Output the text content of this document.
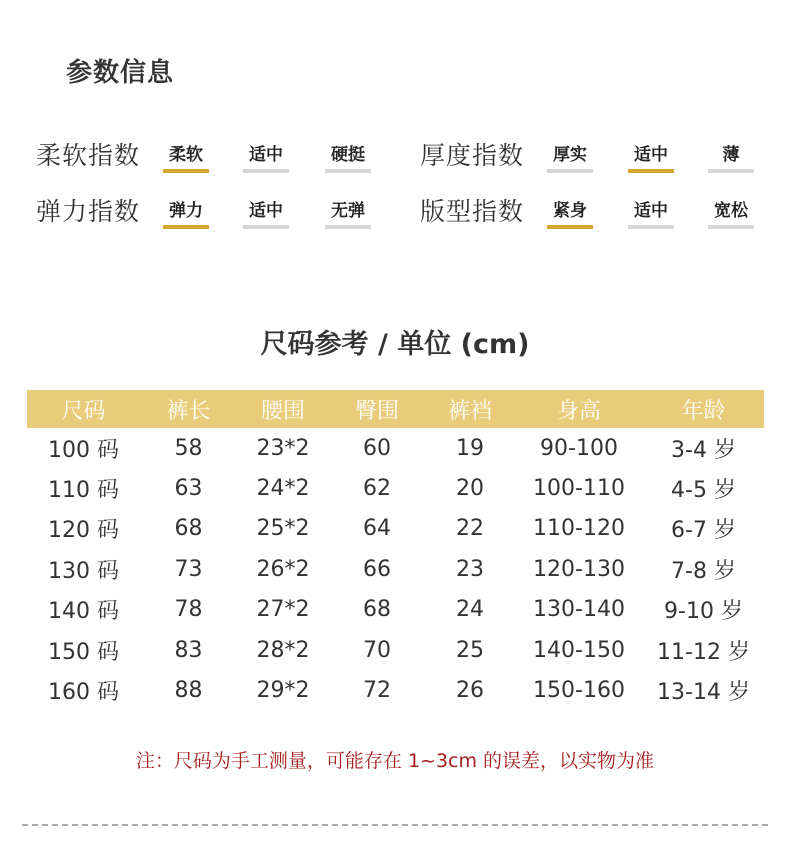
参数信息
柔软指数	柔软	适中	硬挺 厚度指数	厚实	适中	薄
弹力指数	弹力	适中	无弹 版型指数	紧身	适中	宽松
尺码参考 / 单位 (cm)
尺码	裤长	腰围	臀围	裤裆	身高	年龄
100 码	58	23*2	60	19	90-100	3-4 岁
110 码	63	24*2	62	20	100-110	4-5 岁
120 码	68	25*2	64	22	110-120	6-7 岁
130 码	73	26*2	66	23	120-130	7-8 岁
140 码	78	27*2	68	24	130-140	9-10 岁
150 码	83	28*2	70	25	140-150	11-12 岁
160 码	88	29*2	72	26	150-160	13-14 岁
注：尺码为手工测量，可能存在 1~3cm 的误差，以实物为准
